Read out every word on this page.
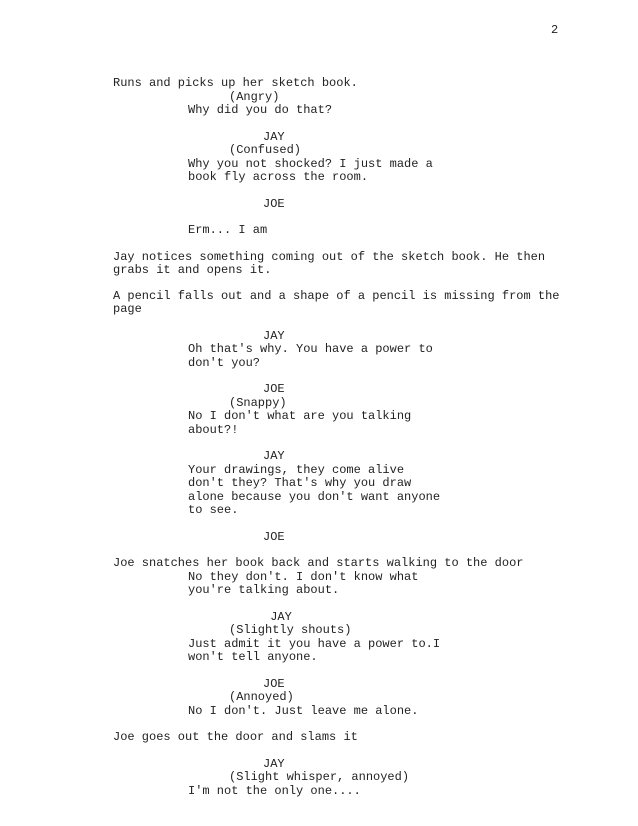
2
Runs and picks up her sketch book.
(Angry)
Why did you do that?
JAY
(Confused)
Why you not shocked? I just made a
book fly across the room.
JOE
Erm... I am
Jay notices something coming out of the sketch book. He then grabs it and opens it.
A pencil falls out and a shape of a pencil is missing from the page
JAY
Oh that's why. You have a power to
don't you?
JOE
(Snappy)
No I don't what are you talking
about?!
JAY
Your drawings, they come alive
don't they? That's why you draw
alone because you don't want anyone
to see.
JOE
Joe snatches her book back and starts walking to the door
No they don't. I don't know what
you're talking about.
JAY
(Slightly shouts)
Just admit it you have a power to.I
won't tell anyone.
JOE
(Annoyed)
No I don't. Just leave me alone.
Joe goes out the door and slams it
JAY
(Slight whisper, annoyed)
I'm not the only one....
